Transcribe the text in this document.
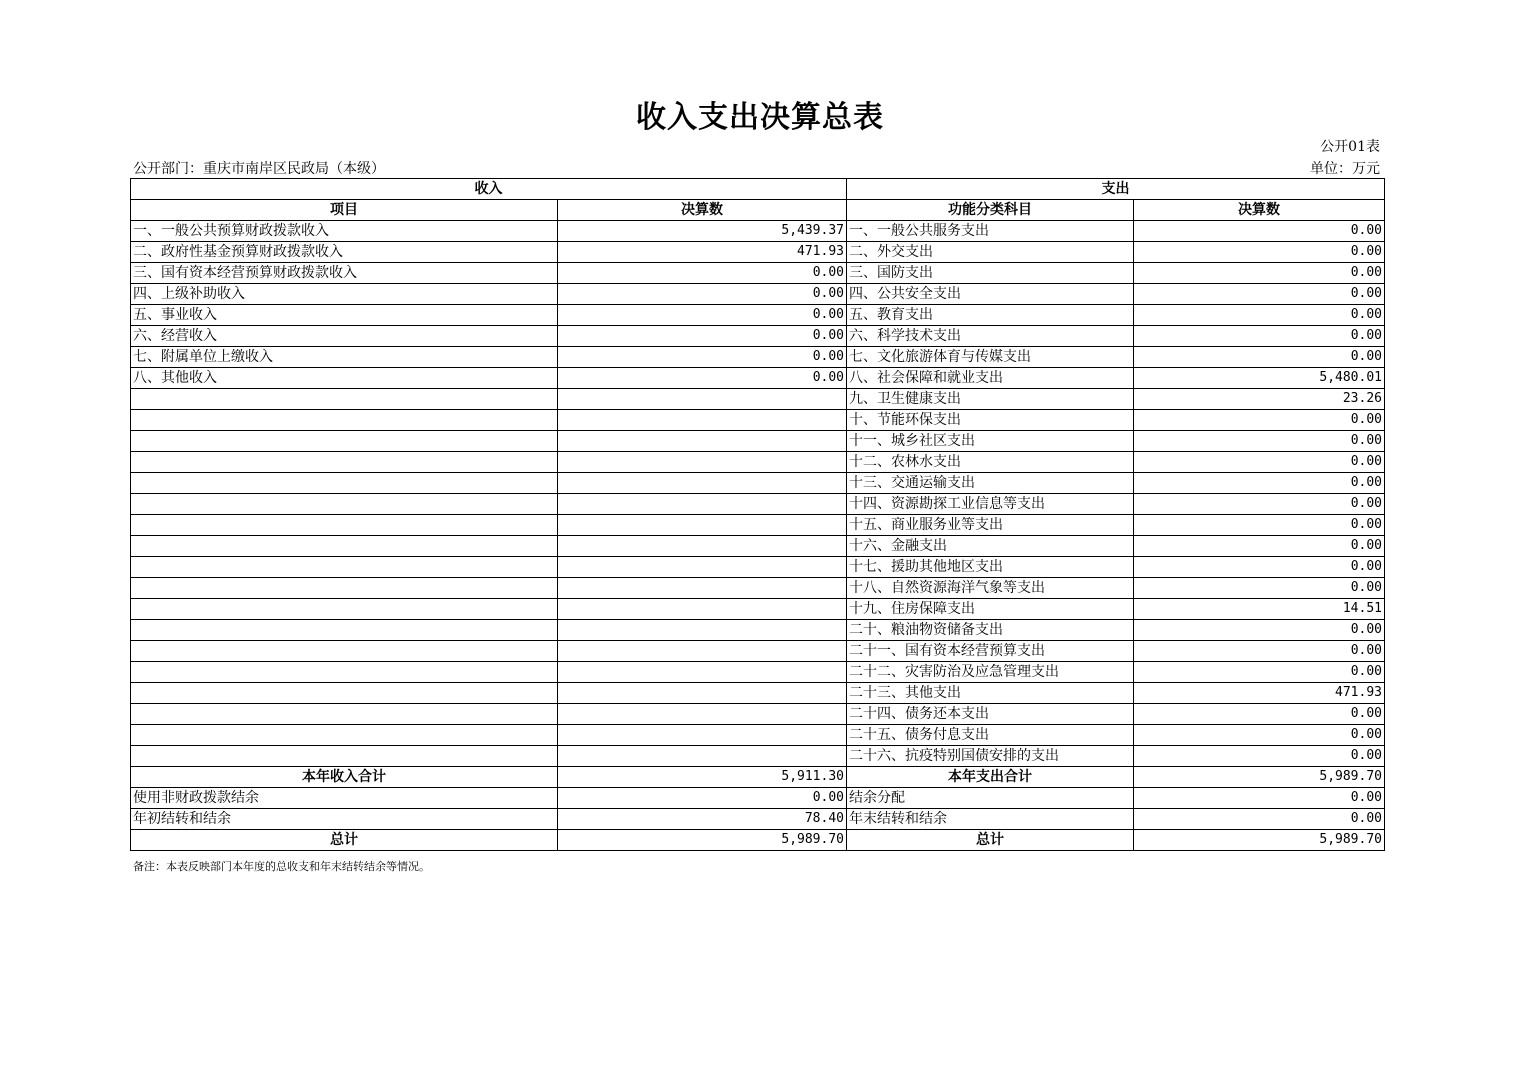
收入支出决算总表
公开01表
公开部门：重庆市南岸区民政局（本级）	单位：万元
收入		支出	
项目	决算数	功能分类科目	决算数
一、一般公共预算财政拨款收入	5,439.37	一、一般公共服务支出	0.00
二、政府性基金预算财政拨款收入	471.93	二、外交支出	0.00
三、国有资本经营预算财政拨款收入	0.00	三、国防支出	0.00
四、上级补助收入	0.00	四、公共安全支出	0.00
五、事业收入	0.00	五、教育支出	0.00
六、经营收入	0.00	六、科学技术支出	0.00
七、附属单位上缴收入	0.00	七、文化旅游体育与传媒支出	0.00
八、其他收入	0.00	八、社会保障和就业支出	5,480.01
		九、卫生健康支出	23.26
		十、节能环保支出	0.00
		十一、城乡社区支出	0.00
		十二、农林水支出	0.00
		十三、交通运输支出	0.00
		十四、资源勘探工业信息等支出	0.00
		十五、商业服务业等支出	0.00
		十六、金融支出	0.00
		十七、援助其他地区支出	0.00
		十八、自然资源海洋气象等支出	0.00
		十九、住房保障支出	14.51
		二十、粮油物资储备支出	0.00
		二十一、国有资本经营预算支出	0.00
		二十二、灾害防治及应急管理支出	0.00
		二十三、其他支出	471.93
		二十四、债务还本支出	0.00
		二十五、债务付息支出	0.00
		二十六、抗疫特别国债安排的支出	0.00
本年收入合计	5,911.30	本年支出合计	5,989.70
使用非财政拨款结余	0.00	结余分配	0.00
年初结转和结余	78.40	年末结转和结余	0.00
总计	5,989.70	总计	5,989.70
备注：本表反映部门本年度的总收支和年末结转结余等情况。
